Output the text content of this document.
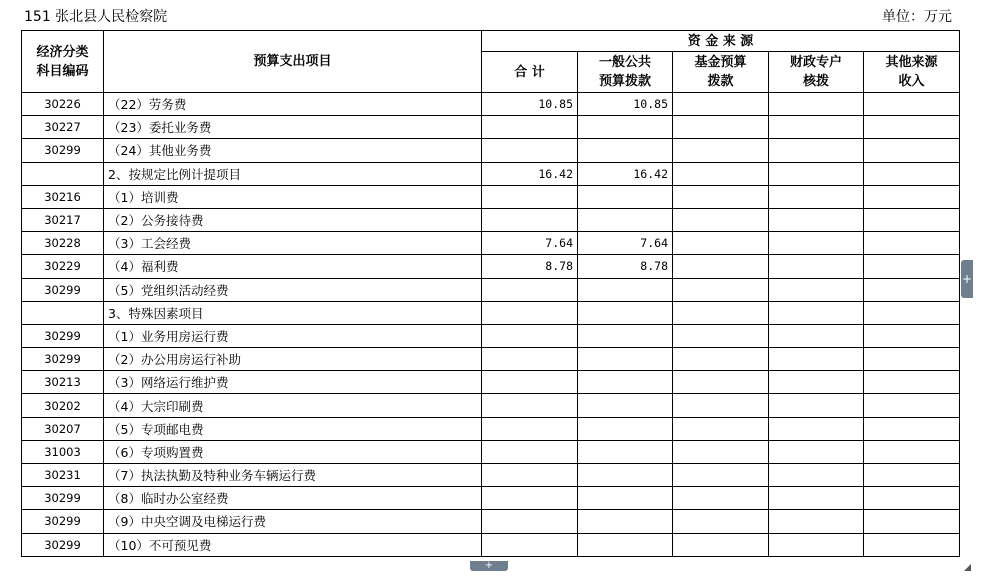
151 张北县人民检察院	单位：万元
经济分类科目编码	预算支出项目	资 金 来 源				
		合 计	一般公共预算拨款	基金预算拨款	财政专户核拨	其他来源收入
30226	（22）劳务费	10.85	10.85			
30227	（23）委托业务费					
30299	（24）其他业务费					
	2、按规定比例计提项目	16.42	16.42			
30216	（1）培训费					
30217	（2）公务接待费					
30228	（3）工会经费	7.64	7.64			
30229	（4）福利费	8.78	8.78			
30299	（5）党组织活动经费					
	3、特殊因素项目					
30299	（1）业务用房运行费					
30299	（2）办公用房运行补助					
30213	（3）网络运行维护费					
30202	（4）大宗印刷费					
30207	（5）专项邮电费					
31003	（6）专项购置费					
30231	（7）执法执勤及特种业务车辆运行费					
30299	（8）临时办公室经费					
30299	（9）中央空调及电梯运行费					
30299	（10）不可预见费					
+
+
